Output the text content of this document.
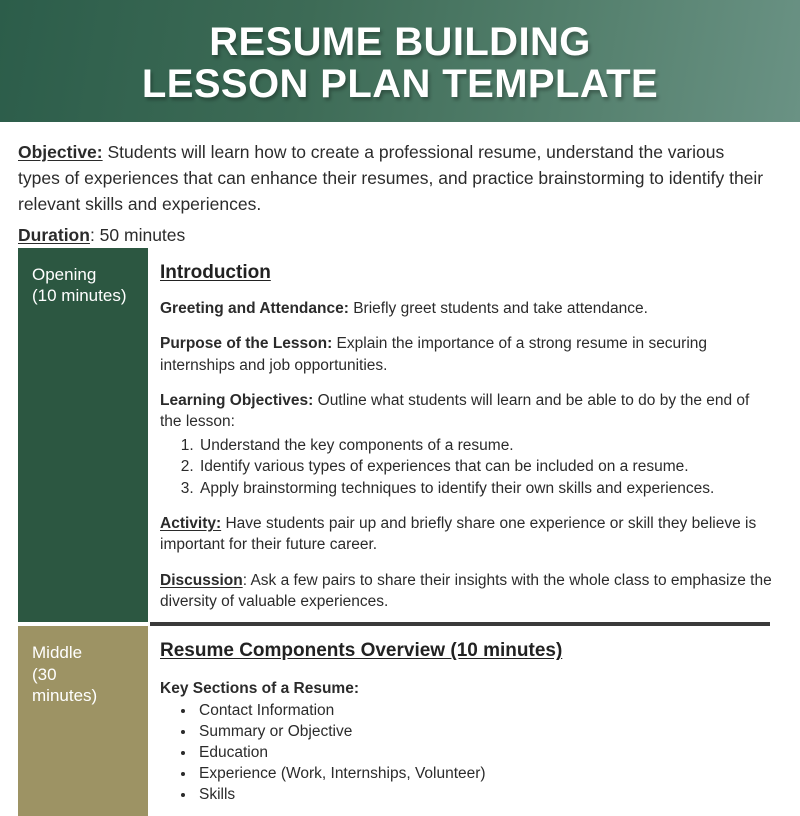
RESUME BUILDING
LESSON PLAN TEMPLATE
Objective: Students will learn how to create a professional resume, understand the various types of experiences that can enhance their resumes, and practice brainstorming to identify their relevant skills and experiences.
Duration: 50 minutes
Opening
(10 minutes)
Introduction

Greeting and Attendance: Briefly greet students and take attendance.

Purpose of the Lesson: Explain the importance of a strong resume in securing internships and job opportunities.

Learning Objectives: Outline what students will learn and be able to do by the end of the lesson:

1. Understand the key components of a resume.
2. Identify various types of experiences that can be included on a resume.
3. Apply brainstorming techniques to identify their own skills and experiences.

Activity: Have students pair up and briefly share one experience or skill they believe is important for their future career.

Discussion: Ask a few pairs to share their insights with the whole class to emphasize the diversity of valuable experiences.

Middle
(30
minutes)
Resume Components Overview (10 minutes)
Key Sections of a Resume:
• Contact Information
• Summary or Objective
• Education
• Experience (Work, Internships, Volunteer)
• Skills
